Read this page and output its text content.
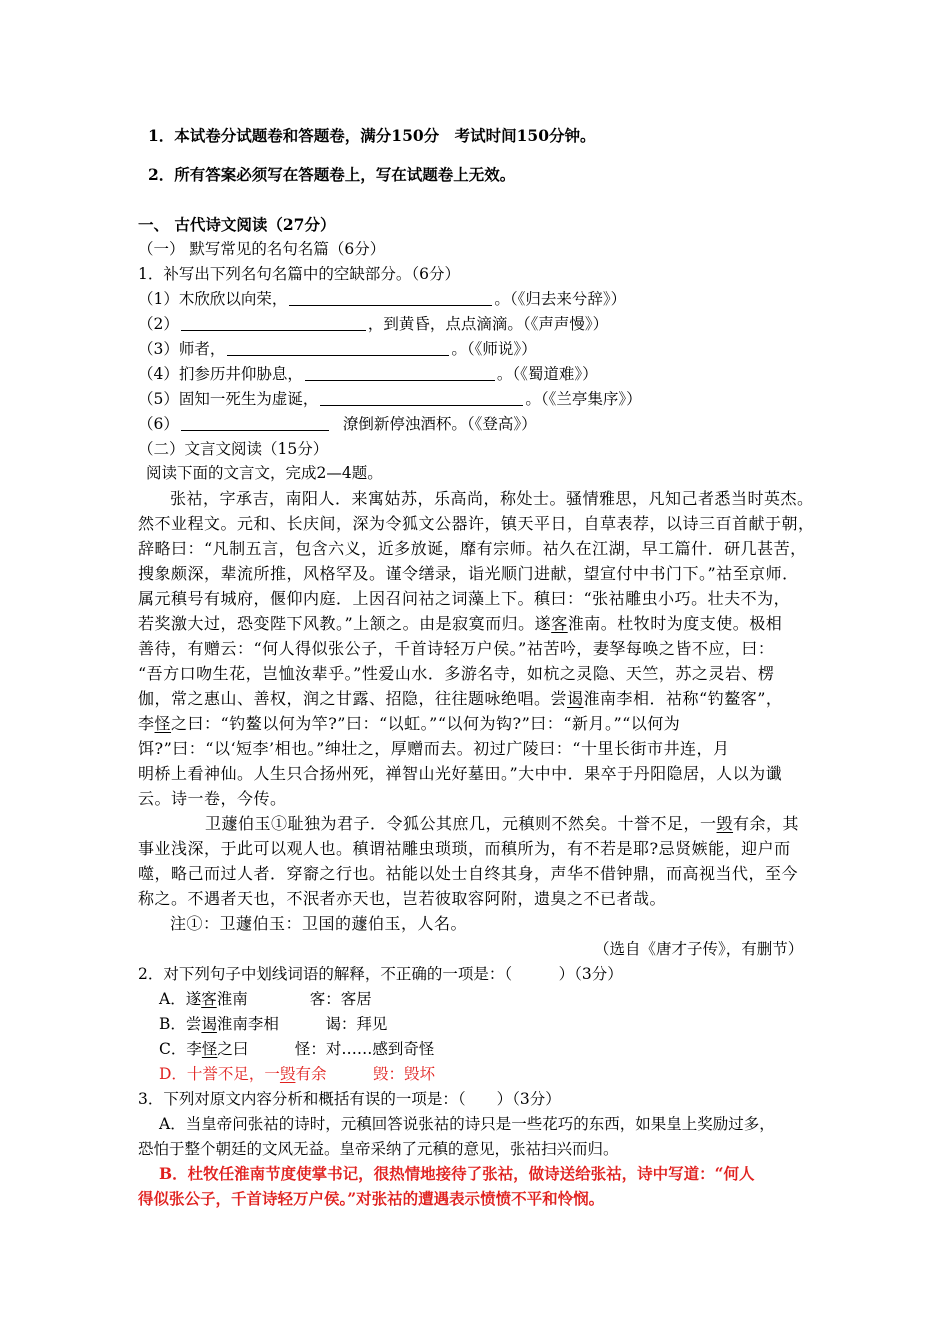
1．本试卷分试题卷和答题卷，满分150分　考试时间150分钟。
2．所有答案必须写在答题卷上，写在试题卷上无效。
一、 古代诗文阅读（27分）
（一） 默写常见的名句名篇（6分）
1．补写出下列名句名篇中的空缺部分。（6分）
（1）木欣欣以向荣，	。（《归去来兮辞》）
（2）	，到黄昏，点点滴滴。（《声声慢》）
（3）师者，	。（《师说》）
（4）扪参历井仰胁息，	。（《蜀道难》）
（5）固知一死生为虚诞，	。（《兰亭集序》）
（6）	潦倒新停浊酒杯。（《登高》）
（二）文言文阅读（15分）
阅读下面的文言文，完成2—4题。
张祜，字承吉，南阳人．来寓姑苏，乐高尚，称处士。骚情雅思，凡知己者悉当时英杰。
然不业程文。元和、长庆间，深为令狐文公器许，镇天平日，自草表荐，以诗三百首献于朝，
辞略曰：“凡制五言，包含六义，近多放诞，靡有宗师。祜久在江湖，早工篇什．研几甚苦，
搜象颇深，辈流所推，风格罕及。谨令缮录，诣光顺门进献，望宣付中书门下。”祜至京师．
属元稹号有城府，偃仰内庭．上因召问祜之词藻上下。稹曰：“张祜雕虫小巧。壮夫不为，
若奖激大过，恐变陛下风教。”上颔之。由是寂寞而归。遂客淮南。杜牧时为度支使。极相
善待，有赠云：“何人得似张公子，千首诗轻万户侯。”祜苦吟，妻孥每唤之皆不应，曰：
“吾方口吻生花，岂恤汝辈乎。”性爱山水．多游名寺，如杭之灵隐、天竺，苏之灵岩、楞
伽，常之惠山、善权，润之甘露、招隐，往往题咏绝唱。尝谒淮南李相．祜称“钓鳌客”，
李怪之曰：“钓鳌以何为竿?”曰：“以虹。”“以何为钩?”曰：“新月。”“以何为
饵?”曰：“以‘短李’相也。”绅壮之，厚赠而去。初过广陵曰：“十里长街市井连，月
明桥上看神仙。人生只合扬州死，禅智山光好墓田。”大中中．果卒于丹阳隐居，人以为谶
云。诗一卷，今传。
卫蘧伯玉①耻独为君子．令狐公其庶几，元稹则不然矣。十誉不足，一毁有余，其
事业浅深，于此可以观人也。稹谓祜雕虫琐琐，而稹所为，有不若是耶?忌贤嫉能，迎户而
噬，略己而过人者．穿窬之行也。祜能以处士自终其身，声华不借钟鼎，而高视当代，至今
称之。不遇者天也，不泯者亦天也，岂若彼取容阿附，遗臭之不已者哉。
注①：卫蘧伯玉：卫国的蘧伯玉，人名。
（选自《唐才子传》，有删节）
2．对下列句子中划线词语的解释，不正确的一项是：（　　　）（3分）
A．遂客淮南　　　　客：客居
B．尝谒淮南李相　　　谒：拜见
C．李怪之曰　　　怪：对……感到奇怪
D．十誉不足，一毁有余　　　毁：毁坏
3．下列对原文内容分析和概括有误的一项是：（　　）（3分）
A．当皇帝问张祜的诗时，元稹回答说张祜的诗只是一些花巧的东西，如果皇上奖励过多，
恐怕于整个朝廷的文风无益。皇帝采纳了元稹的意见，张祜扫兴而归。
B．杜牧任淮南节度使掌书记，很热情地接待了张祜，做诗送给张祜，诗中写道：“何人
得似张公子，千首诗轻万户侯。”对张祜的遭遇表示愤愤不平和怜悯。
